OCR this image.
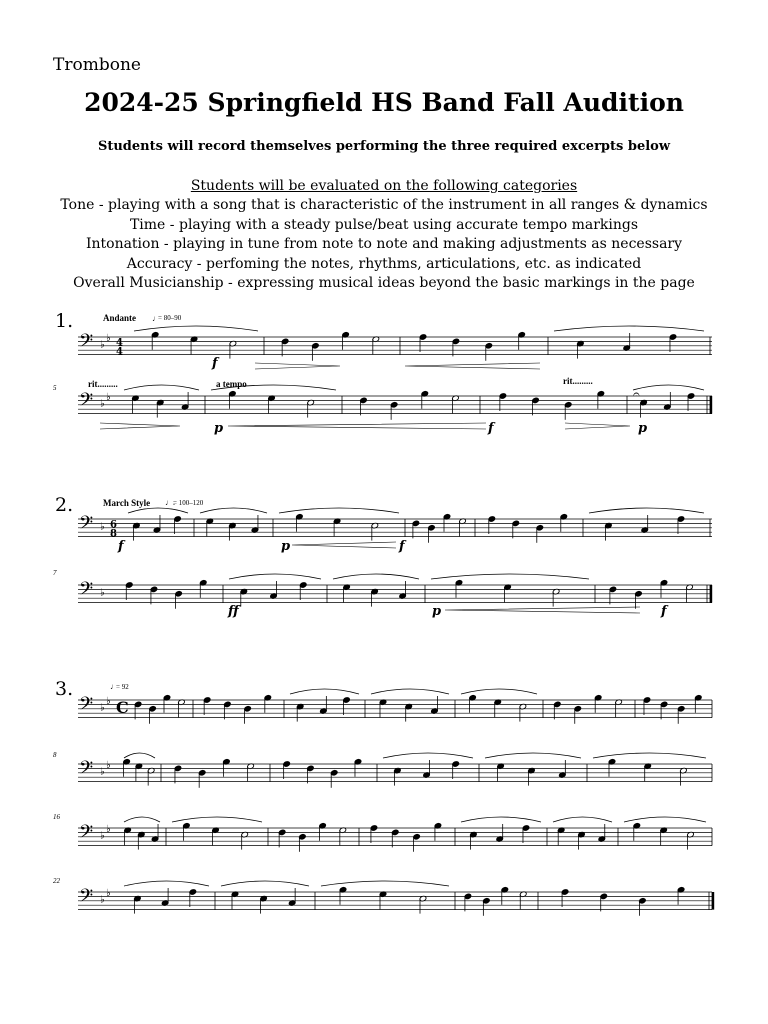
Trombone
2024-25 Springfield HS Band Fall Audition
Students will record themselves performing the three required excerpts below
Students will be evaluated on the following categories
Tone - playing with a song that is characteristic of the instrument in all ranges & dynamics
Time - playing with a steady pulse/beat using accurate tempo markings
Intonation - playing in tune from note to note and making adjustments as necessary
Accuracy - perfoming the notes, rhythms, articulations, etc. as indicated
Overall Musicianship - expressing musical ideas beyond the basic markings in the page
1.
2.
3.
Andante ♩
= 80–90
March Style ♩.
= 100–120
♩
= 92
5
7
8
16
22
rit.........	a tempo	rit.........
f
p	f	p
f	p	f
ff	p	f
𝄢 ♭
♭ 4
4
𝄢 ♭
♭
𝄢 ♭ 6
8
𝄢 ♭
𝄢 ♭
♭ C
𝄢 ♭
♭
𝄢 ♭
♭
𝄢 ♭
♭
𝄐
